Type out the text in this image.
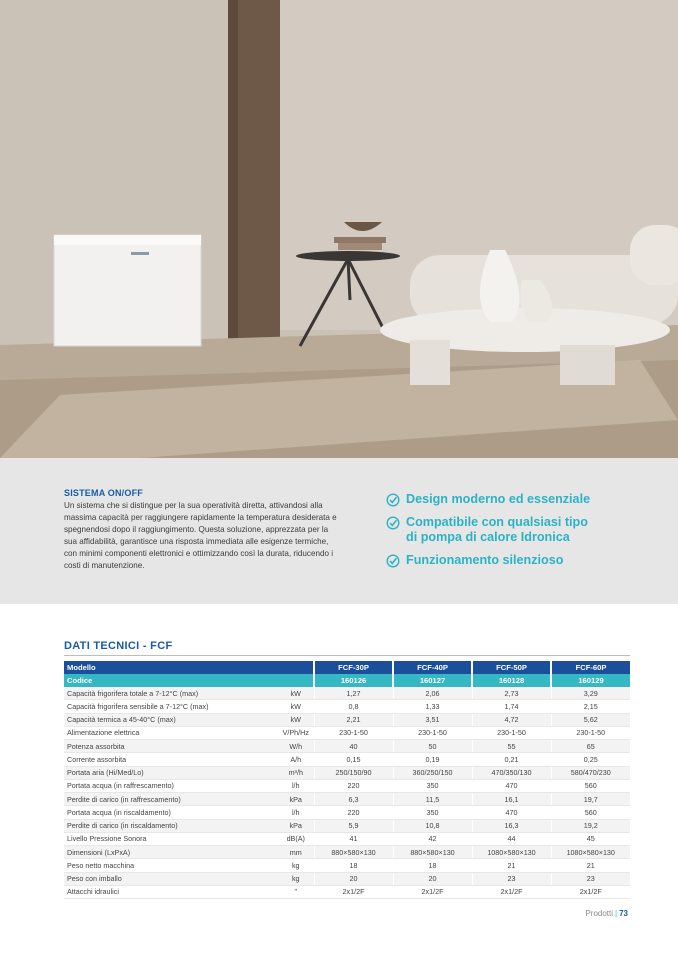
SISTEMA ON/OFF
Un sistema che si distingue per la sua operatività diretta, attivandosi alla massima capacità per raggiungere rapidamente la temperatura desiderata e spegnendosi dopo il raggiungimento. Questa soluzione, apprezzata per la sua affidabilità, garantisce una risposta immediata alle esigenze termiche, con minimi componenti elettronici e ottimizzando così la durata, riducendo i costi di manutenzione.
Design moderno ed essenziale
Compatibile con qualsiasi tipo
di pompa di calore Idronica
Funzionamento silenzioso
DATI TECNICI - FCF
Modello		FCF-30P	FCF-40P	FCF-50P	FCF-60P
Codice		160126	160127	160128	160129
Capacità frigorifera totale a 7-12°C (max)	kW	1,27	2,06	2,73	3,29
Capacità frigorifera sensibile a 7-12°C (max)	kW	0,8	1,33	1,74	2,15
Capacità termica a 45-40°C (max)	kW	2,21	3,51	4,72	5,62
Alimentazione elettrica	V/Ph/Hz	230-1-50	230-1-50	230-1-50	230-1-50
Potenza assorbita	W/h	40	50	55	65
Corrente assorbita	A/h	0,15	0,19	0,21	0,25
Portata aria (Hi/Med/Lo)	m³/h	250/150/90	360/250/150	470/350/130	580/470/230
Portata acqua (in raffrescamento)	l/h	220	350	470	560
Perdite di carico (in raffrescamento)	kPa	6,3	11,5	16,1	19,7
Portata acqua (in riscaldamento)	l/h	220	350	470	560
Perdite di carico (in riscaldamento)	kPa	5,9	10,8	16,3	19,2
Livello Pressione Sonora	dB(A)	41	42	44	45
Dimensioni (LxPxA)	mm	880×580×130	880×580×130	1080×580×130	1080×580×130
Peso netto macchina	kg	18	18	21	21
Peso con imballo	kg	20	20	23	23
Attacchi idraulici	"	2x1/2F	2x1/2F	2x1/2F	2x1/2F
Prodotti | 73
